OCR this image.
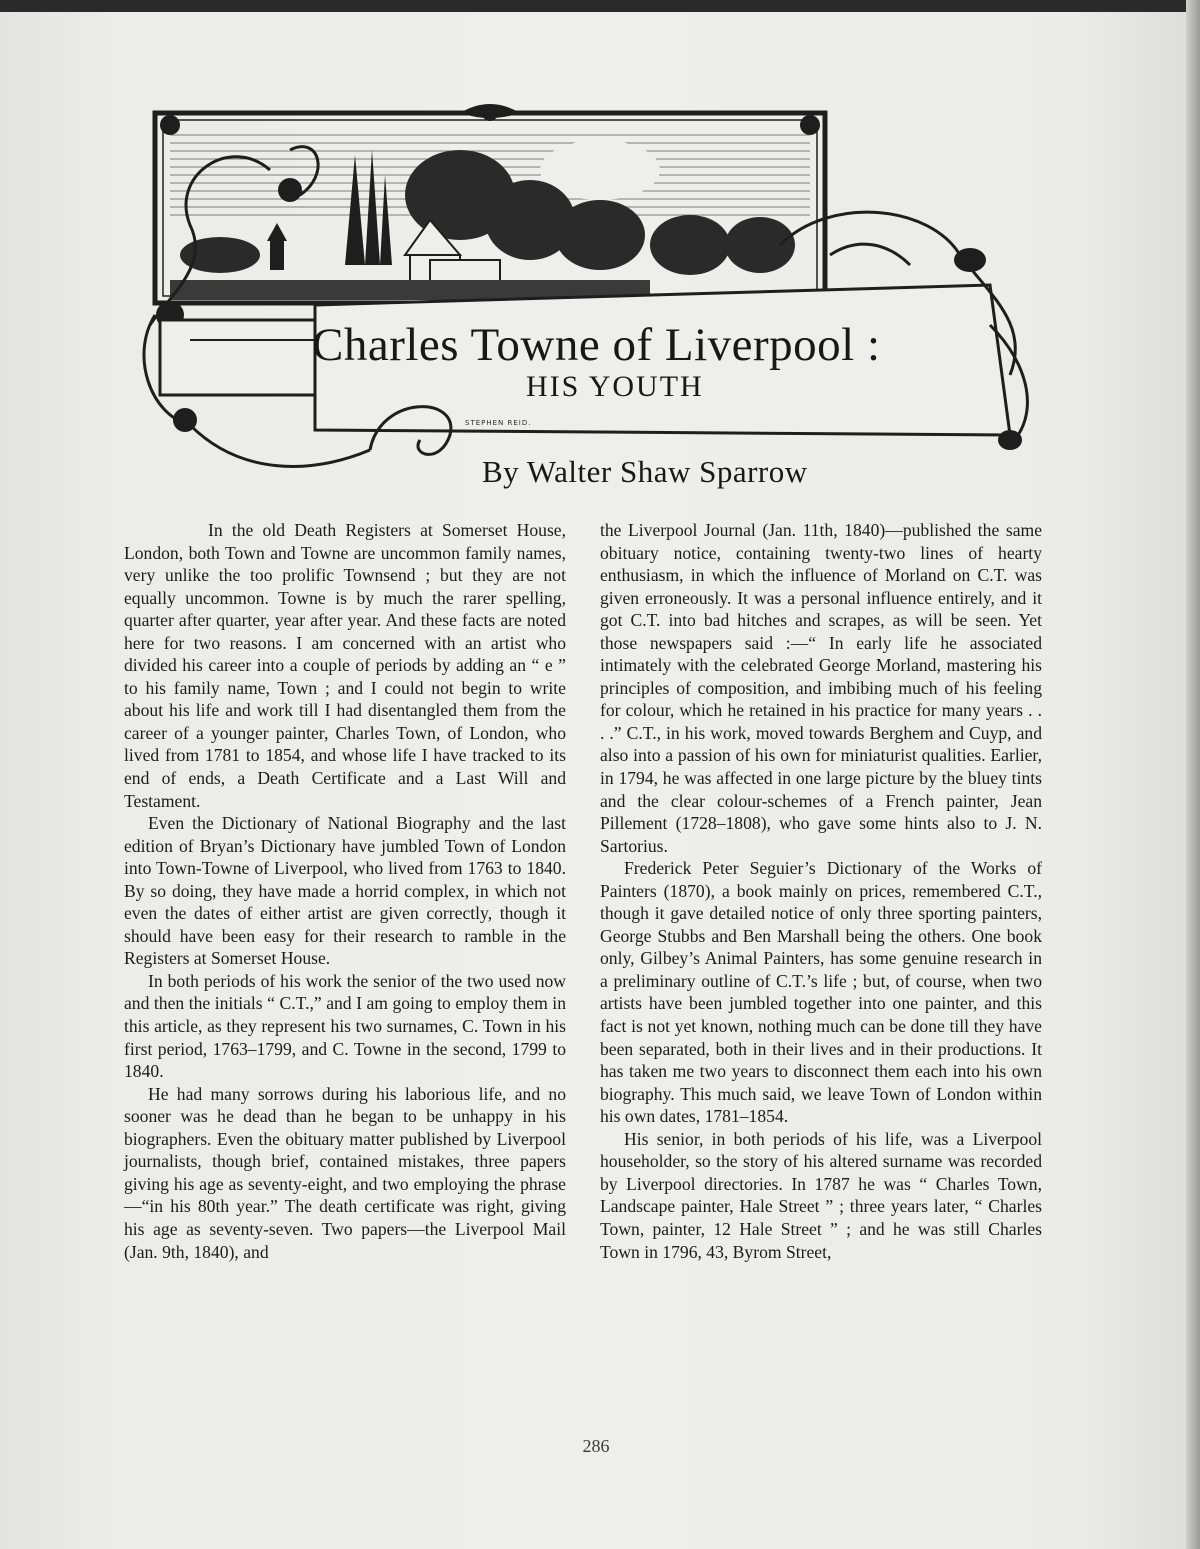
Charles Towne of Liverpool :
HIS YOUTH
STEPHEN REID.
By Walter Shaw Sparrow

In the old Death Registers at Somerset House, London, both Town and Towne are uncommon family names, very unlike the too prolific Townsend ; but they are not equally uncommon. Towne is by much the rarer spelling, quarter after quarter, year after year. And these facts are noted here for two reasons. I am concerned with an artist who divided his career into a couple of periods by adding an “ e ” to his family name, Town ; and I could not begin to write about his life and work till I had disentangled them from the career of a younger painter, Charles Town, of London, who lived from 1781 to 1854, and whose life I have tracked to its end of ends, a Death Certificate and a Last Will and Testament.

Even the Dictionary of National Biography and the last edition of Bryan’s Dictionary have jumbled Town of London into Town-Towne of Liverpool, who lived from 1763 to 1840. By so doing, they have made a horrid complex, in which not even the dates of either artist are given correctly, though it should have been easy for their research to ramble in the Registers at Somerset House.

In both periods of his work the senior of the two used now and then the initials “ C.T.,” and I am going to employ them in this article, as they represent his two surnames, C. Town in his first period, 1763–1799, and C. Towne in the second, 1799 to 1840.

He had many sorrows during his laborious life, and no sooner was he dead than he began to be unhappy in his biographers. Even the obituary matter published by Liverpool journalists, though brief, contained mistakes, three papers giving his age as seventy-eight, and two employing the phrase—“in his 80th year.” The death certificate was right, giving his age as seventy-seven. Two papers—the Liverpool Mail (Jan. 9th, 1840), and

the Liverpool Journal (Jan. 11th, 1840)—published the same obituary notice, containing twenty-two lines of hearty enthusiasm, in which the influence of Morland on C.T. was given erroneously. It was a personal influence entirely, and it got C.T. into bad hitches and scrapes, as will be seen. Yet those newspapers said :—“ In early life he associated intimately with the celebrated George Morland, mastering his principles of composition, and imbibing much of his feeling for colour, which he retained in his practice for many years . . . .” C.T., in his work, moved towards Berghem and Cuyp, and also into a passion of his own for miniaturist qualities. Earlier, in 1794, he was affected in one large picture by the bluey tints and the clear colour-schemes of a French painter, Jean Pillement (1728–1808), who gave some hints also to J. N. Sartorius.

Frederick Peter Seguier’s Dictionary of the Works of Painters (1870), a book mainly on prices, remembered C.T., though it gave detailed notice of only three sporting painters, George Stubbs and Ben Marshall being the others. One book only, Gilbey’s Animal Painters, has some genuine research in a preliminary outline of C.T.’s life ; but, of course, when two artists have been jumbled together into one painter, and this fact is not yet known, nothing much can be done till they have been separated, both in their lives and in their productions. It has taken me two years to disconnect them each into his own biography. This much said, we leave Town of London within his own dates, 1781–1854.

His senior, in both periods of his life, was a Liverpool householder, so the story of his altered surname was recorded by Liverpool directories. In 1787 he was “ Charles Town, Landscape painter, Hale Street ” ; three years later, “ Charles Town, painter, 12 Hale Street ” ; and he was still Charles Town in 1796, 43, Byrom Street,

286
